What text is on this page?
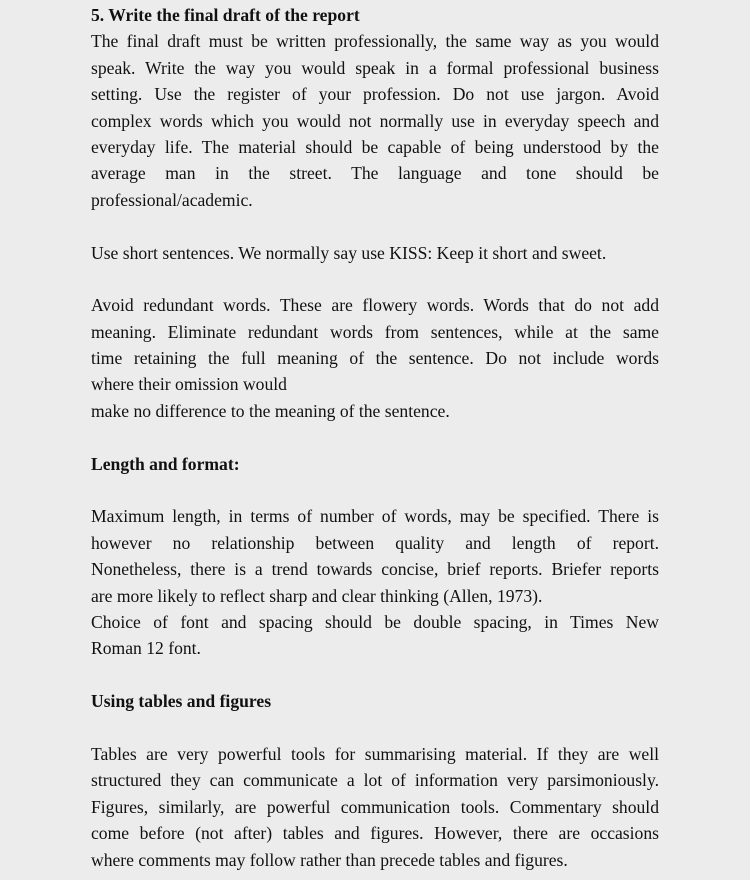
5. Write the final draft of the report
The final draft must be written professionally, the same way as you would
speak. Write the way you would speak in a formal professional business
setting. Use the register of your profession. Do not use jargon. Avoid
complex words which you would not normally use in everyday speech and
everyday life. The material should be capable of being understood by the
average man in the street. The language and tone should be
professional/academic.
Use short sentences. We normally say use KISS: Keep it short and sweet.
Avoid redundant words. These are flowery words. Words that do not add
meaning. Eliminate redundant words from sentences, while at the same
time retaining the full meaning of the sentence. Do not include words
where their omission would
make no difference to the meaning of the sentence.
Length and format:
Maximum length, in terms of number of words, may be specified. There is
however no relationship between quality and length of report.
Nonetheless, there is a trend towards concise, brief reports. Briefer reports
are more likely to reflect sharp and clear thinking (Allen, 1973).
Choice of font and spacing should be double spacing, in Times New
Roman 12 font.
Using tables and figures
Tables are very powerful tools for summarising material. If they are well
structured they can communicate a lot of information very parsimoniously.
Figures, similarly, are powerful communication tools. Commentary should
come before (not after) tables and figures. However, there are occasions
where comments may follow rather than precede tables and figures.
